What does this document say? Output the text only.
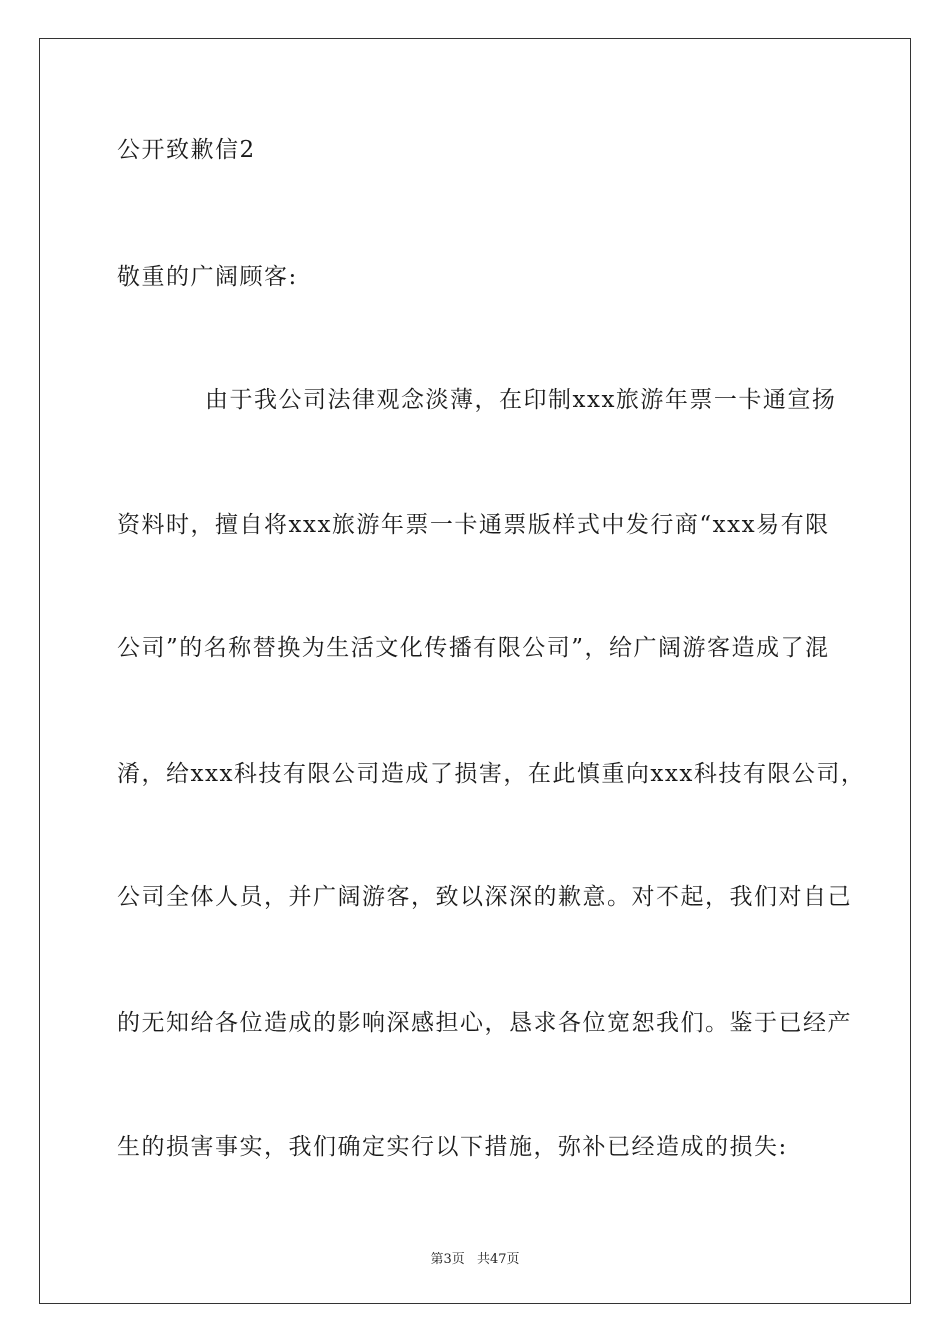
公开致歉信2
敬重的广阔顾客:
由于我公司法律观念淡薄，在印制xxx旅游年票一卡通宣扬
资料时，擅自将xxx旅游年票一卡通票版样式中发行商“xxx易有限
公司”的名称替换为生活文化传播有限公司”，给广阔游客造成了混
淆，给xxx科技有限公司造成了损害，在此慎重向xxx科技有限公司，
公司全体人员，并广阔游客，致以深深的歉意。对不起，我们对自己
的无知给各位造成的影响深感担心，恳求各位宽恕我们。鉴于已经产
生的损害事实，我们确定实行以下措施，弥补已经造成的损失:
第3页 共47页
